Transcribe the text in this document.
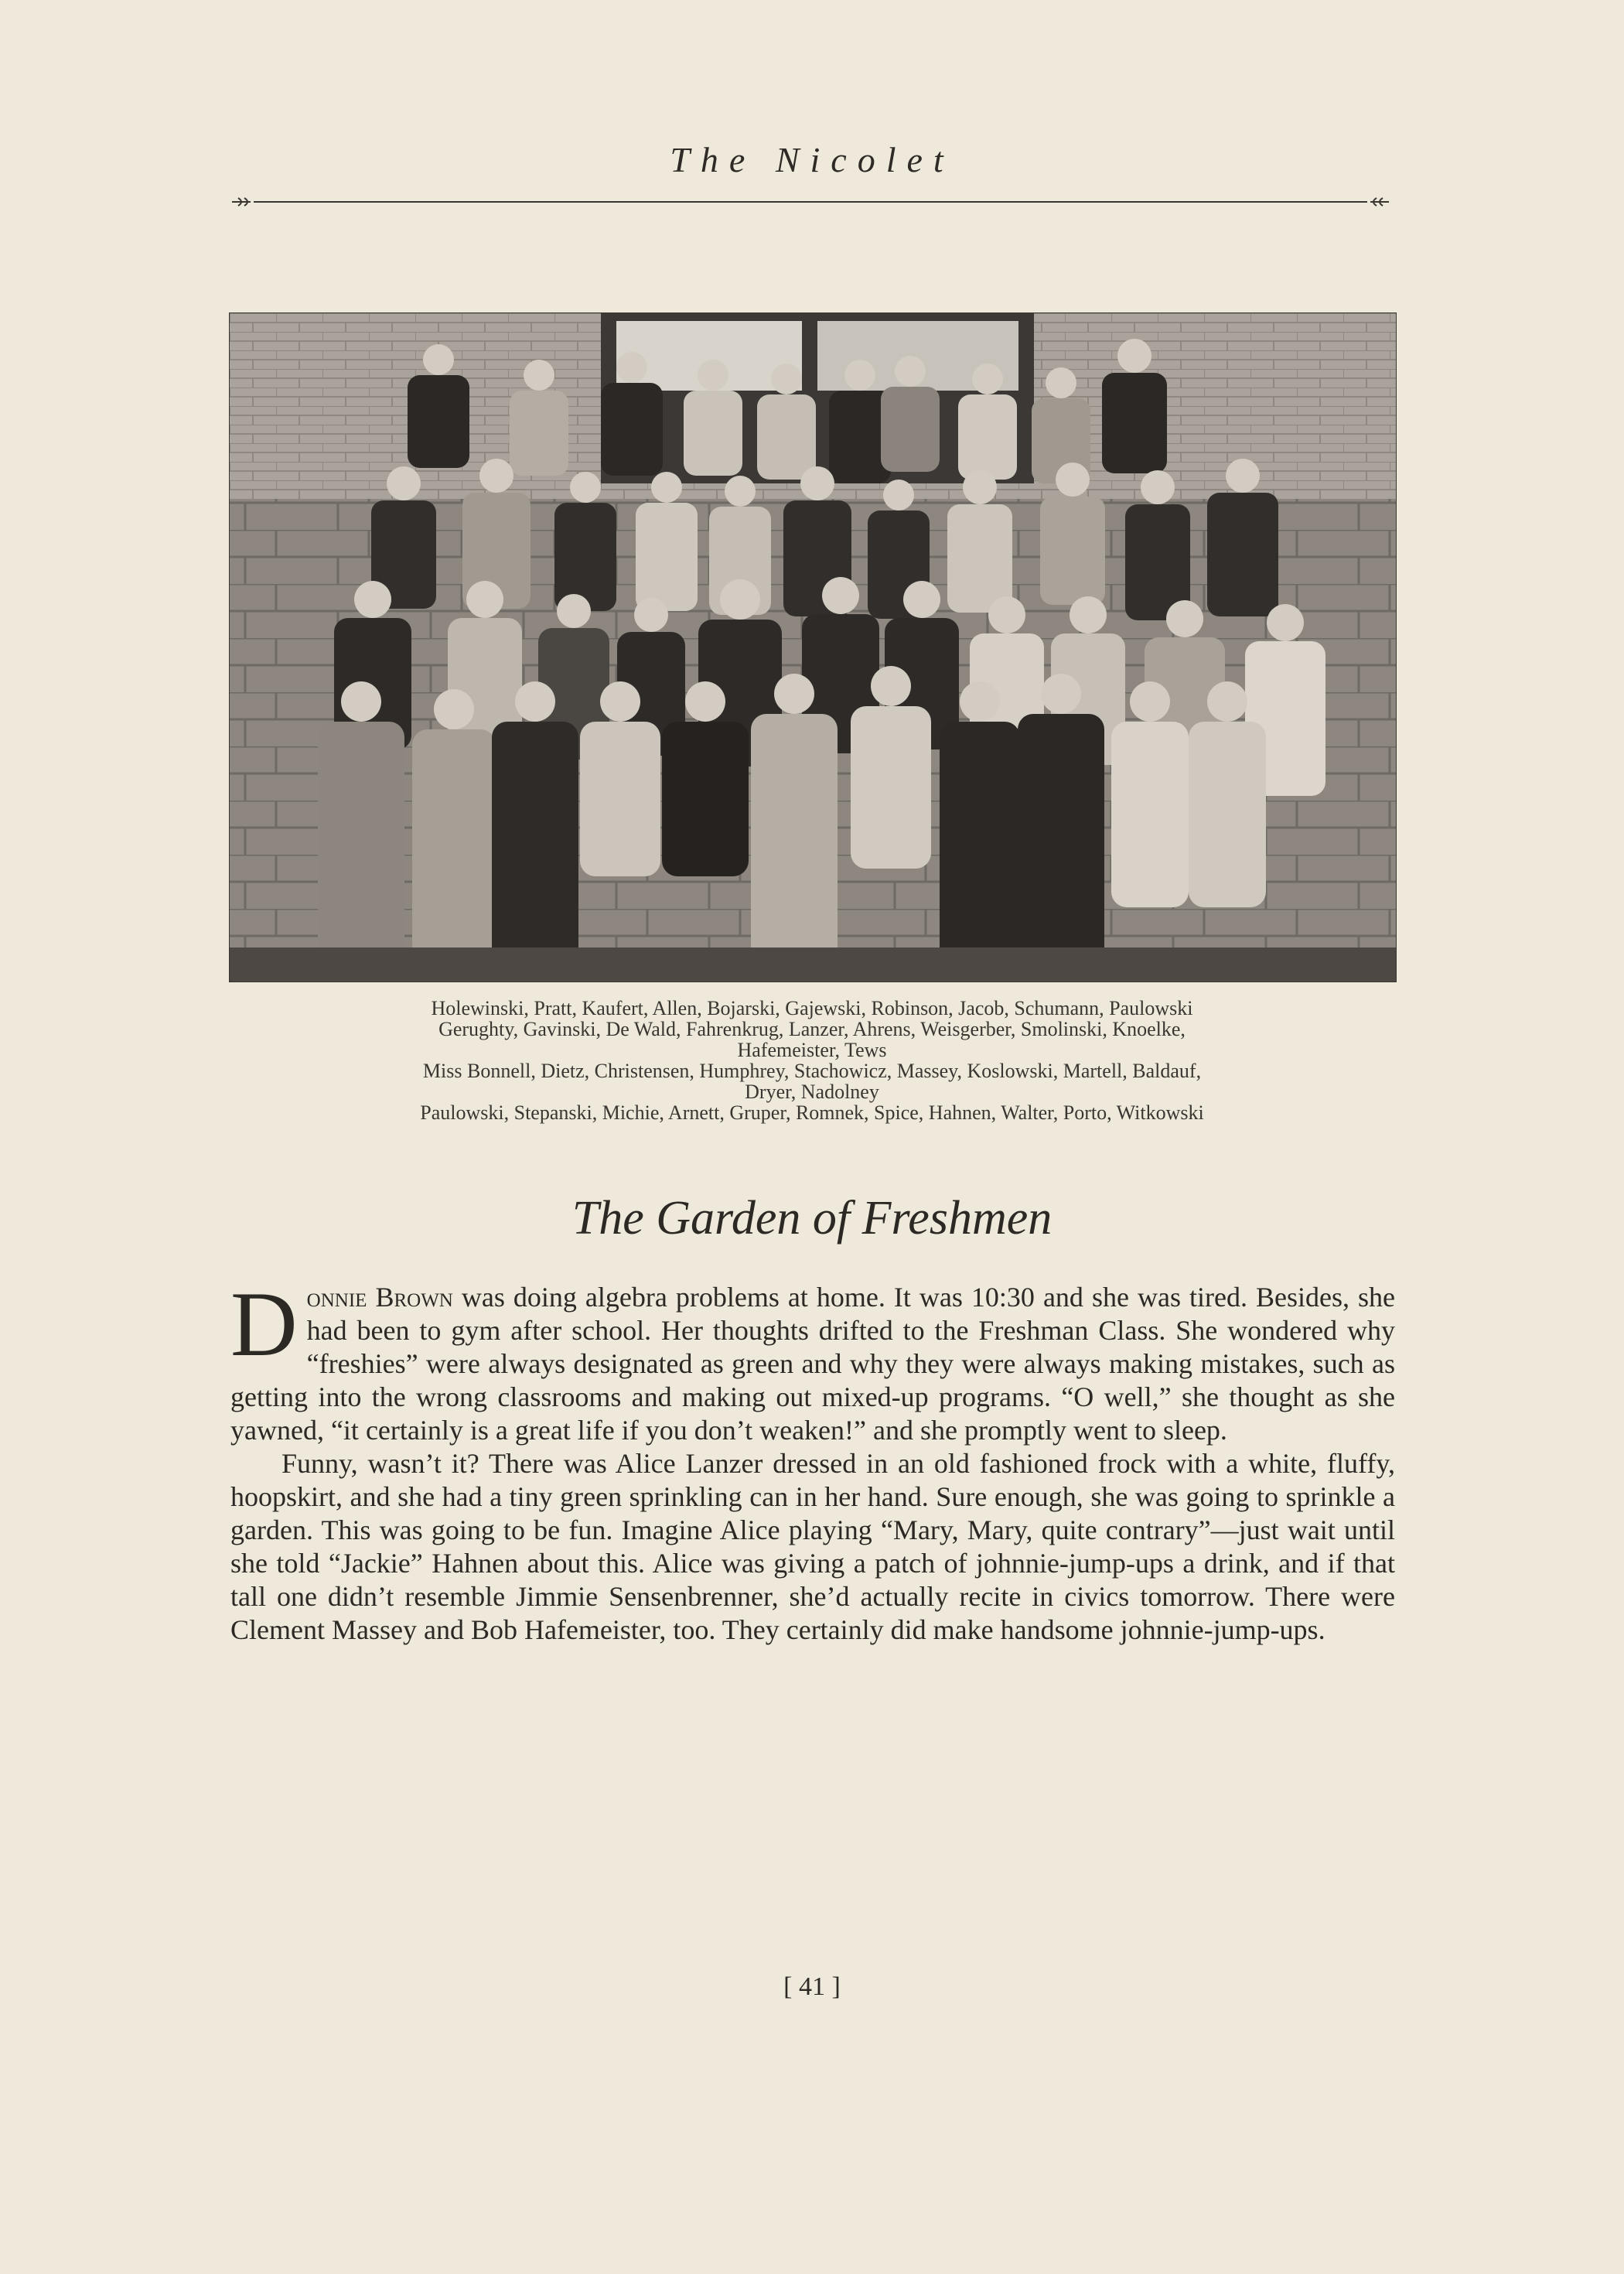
The Nicolet
Holewinski, Pratt, Kaufert, Allen, Bojarski, Gajewski, Robinson, Jacob, Schumann, Paulowski
Gerughty, Gavinski, De Wald, Fahrenkrug, Lanzer, Ahrens, Weisgerber, Smolinski, Knoelke,
Hafemeister, Tews
Miss Bonnell, Dietz, Christensen, Humphrey, Stachowicz, Massey, Koslowski, Martell, Baldauf,
Dryer, Nadolney
Paulowski, Stepanski, Michie, Arnett, Gruper, Romnek, Spice, Hahnen, Walter, Porto, Witkowski
The Garden of Freshmen

Donnie Brown was doing algebra problems at home. It was 10:30 and she was tired. Besides, she had been to gym after school. Her thoughts drifted to the Freshman Class. She wondered why “freshies” were always designated as green and why they were always making mistakes, such as getting into the wrong classrooms and making out mixed-up programs. “O well,” she thought as she yawned, “it certainly is a great life if you don’t weaken!” and she promptly went to sleep.

Funny, wasn’t it? There was Alice Lanzer dressed in an old fashioned frock with a white, fluffy, hoopskirt, and she had a tiny green sprinkling can in her hand. Sure enough, she was going to sprinkle a garden. This was going to be fun. Imagine Alice playing “Mary, Mary, quite contrary”—just wait until she told “Jackie” Hahnen about this. Alice was giving a patch of johnnie-jump-ups a drink, and if that tall one didn’t resemble Jimmie Sensenbrenner, she’d actually recite in civics tomorrow. There were Clement Massey and Bob Hafemeister, too. They certainly did make handsome johnnie-jump-ups.

[ 41 ]
